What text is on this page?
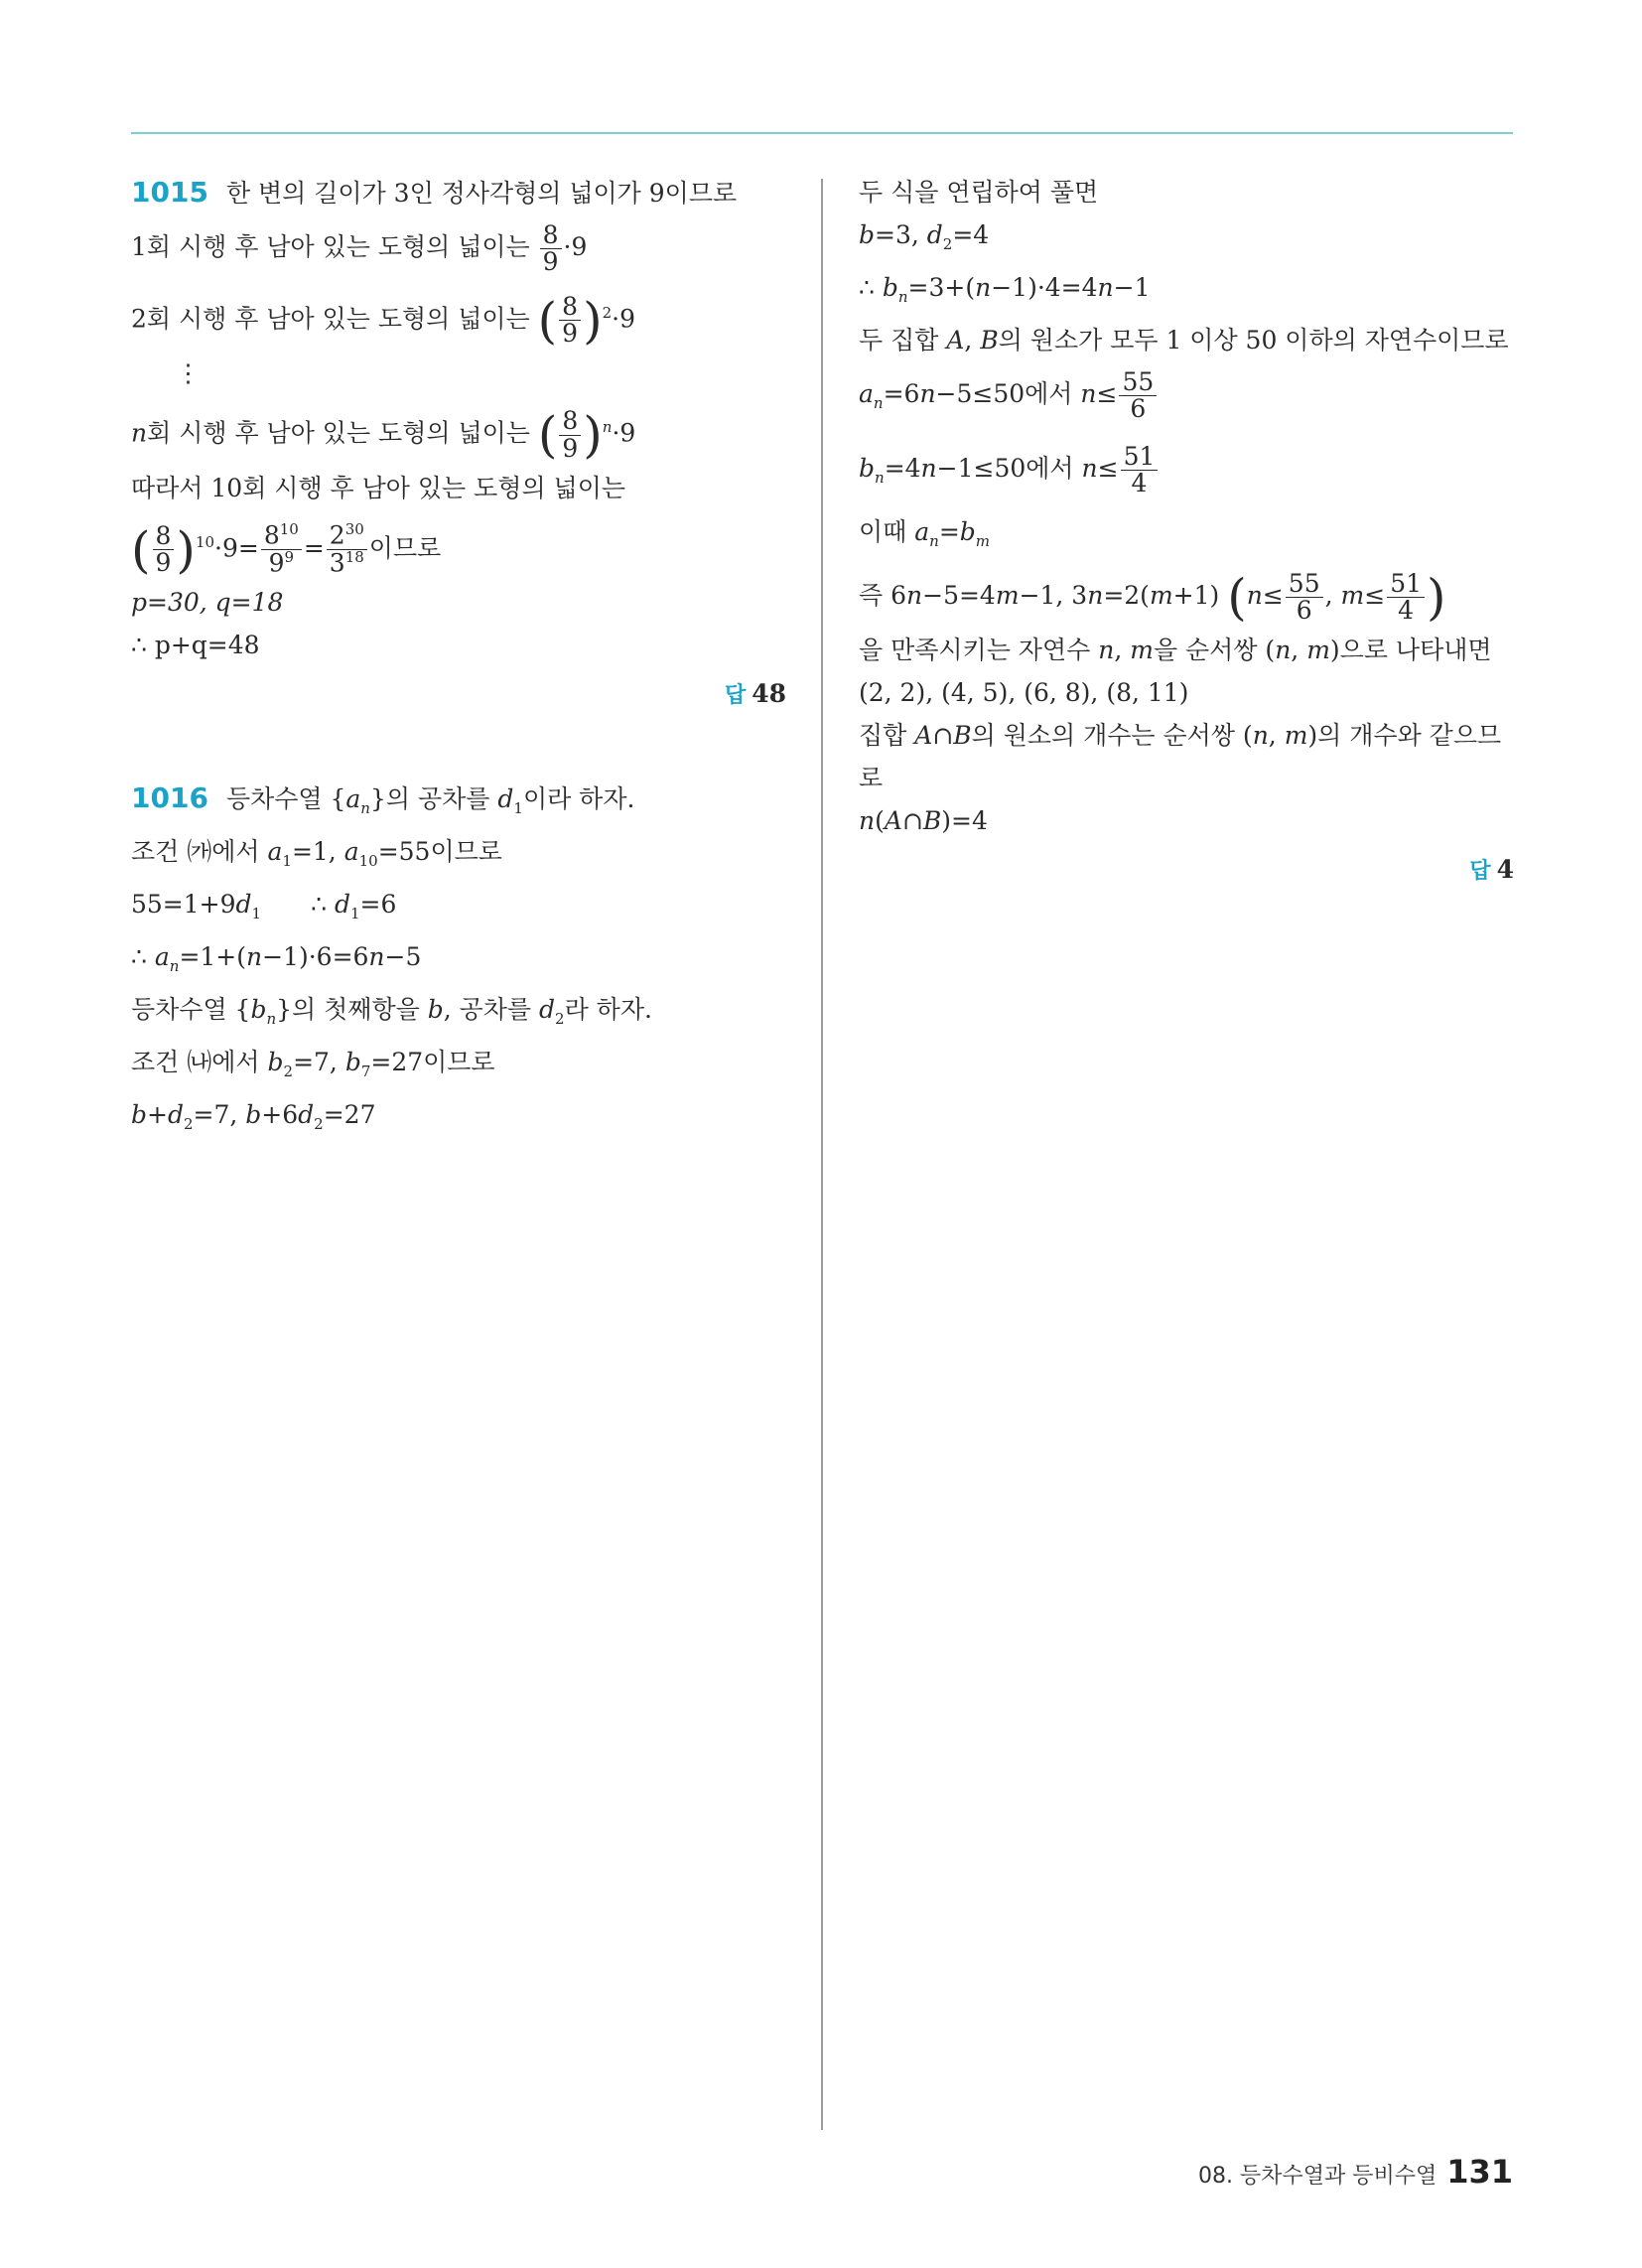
1015 한 변의 길이가 3인 정사각형의 넓이가 9이므로
1회 시행 후 남아 있는 도형의 넓이는 $\frac{8}{9} \cdot 9$
2회 시행 후 남아 있는 도형의 넓이는 ( $\frac{8}{9} )^2\cdot 9$
⋮
n회 시행 후 남아 있는 도형의 넓이는 ( $\frac{8}{9} )^n\cdot 9$
따라서 10회 시행 후 남아 있는 도형의 넓이는
( $\frac{8}{9} )^{10}\cdot 9= \frac{8^{10}}{9^9} = \frac{2^{30}}{3^{18}}$ 이므로
p=30, q=18
∴ p+q=48
답 48
1016 등차수열 $\{a_n\}$의 공차를 $d_1$이라 하자.
조건 ㈎에서 $a_1=1$, $a_{10}=55$이므로
$55=1+9d_1$ ∴ $d_1=6$
∴ $a_n=1+(n-1)\cdot 6=6n-5$
등차수열 $\{b_n\}$의 첫째항을 b, 공차를 $d_2$라 하자.
조건 ㈏에서 $b_2=7$, $b_7=27$이므로
$b+d_2=7$, $b+6d_2=27$
두 식을 연립하여 풀면
b=3, $d_2=4$
∴ $b_n=3+(n-1)\cdot 4=4n-1$
두 집합 A, B의 원소가 모두 1 이상 50 이하의 자연수이므로
$a_n=6n-5\le 50$에서 $n\le \frac{55}{6}$
$b_n=4n-1\le 50$에서 $n\le \frac{51}{4}$
이때 $a_n=b_m$
즉 6n−5=4m−1, 3n=2(m+1) ($n\le \frac{55}{6}$ , $m\le \frac{51}{4}$ )
을 만족시키는 자연수 n, m을 순서쌍 (n, m)으로 나타내면
(2, 2), (4, 5), (6, 8), (8, 11)
집합 A∩B의 원소의 개수는 순서쌍 (n, m)의 개수와 같으므
로
n(A∩B)=4
답 4
08. 등차수열과 등비수열 131
